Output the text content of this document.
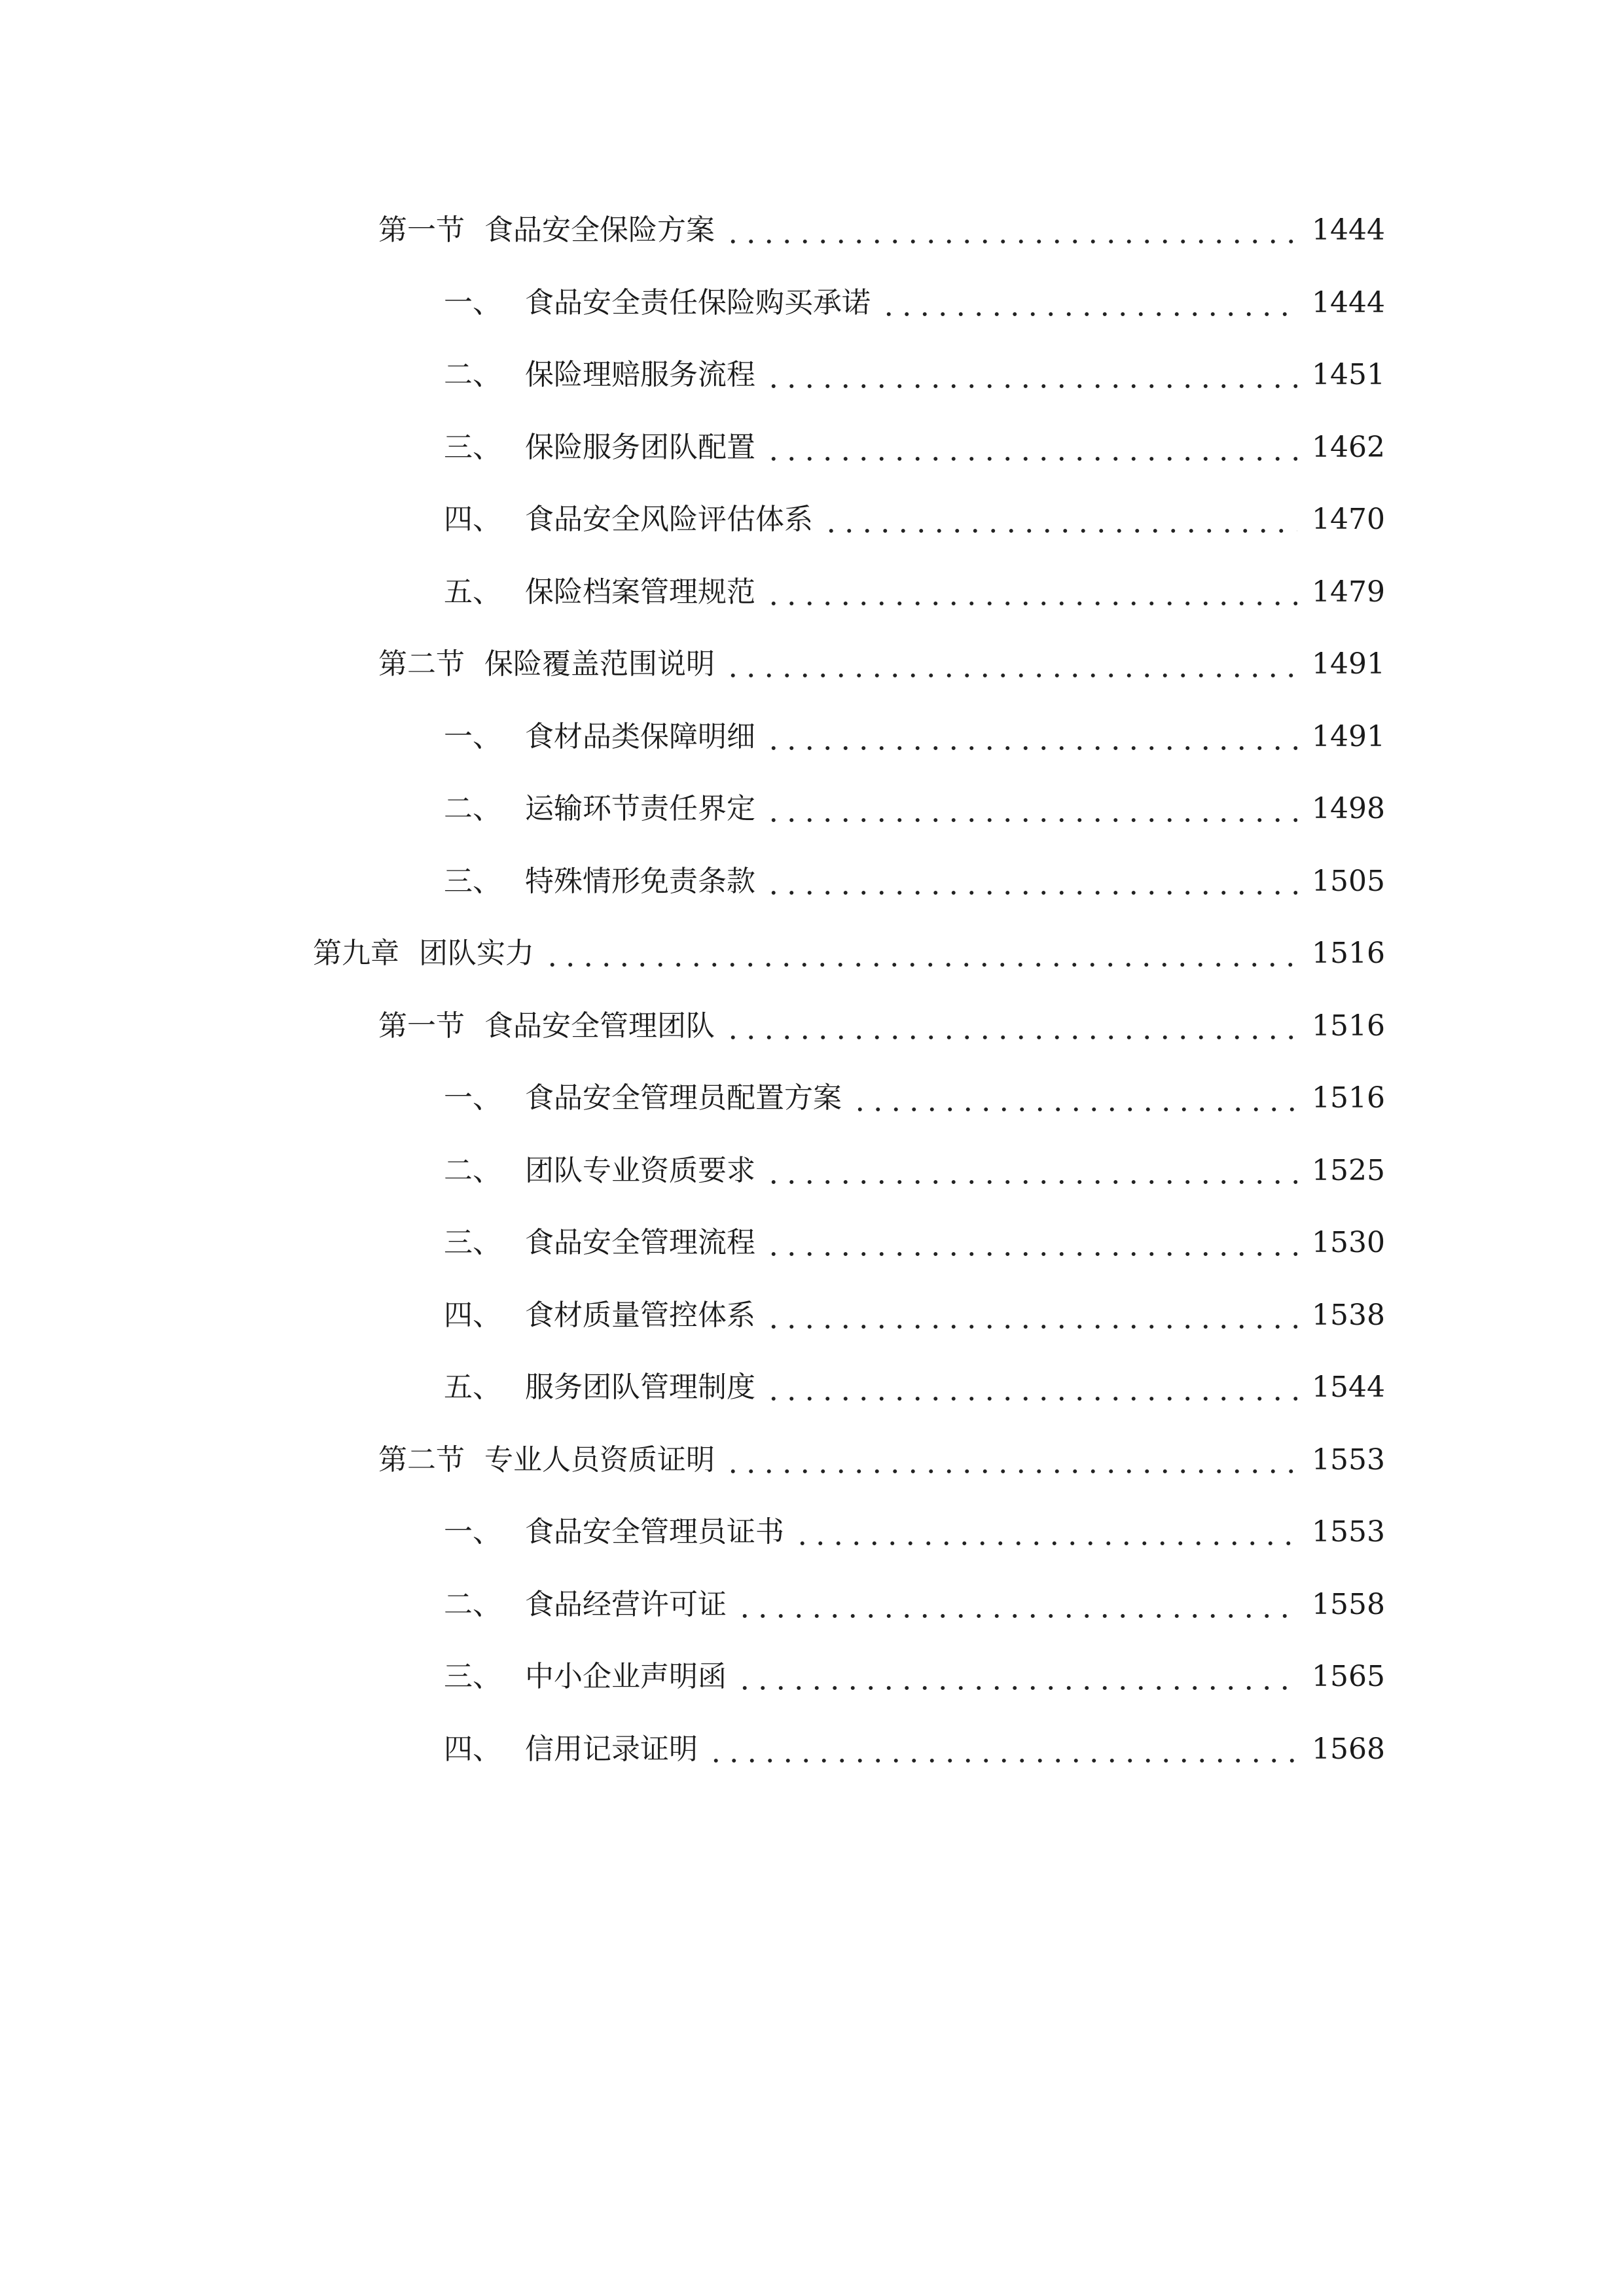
第一节 食品安全保险方案	1444
一、 食品安全责任保险购买承诺	1444
二、 保险理赔服务流程	1451
三、 保险服务团队配置	1462
四、 食品安全风险评估体系	1470
五、 保险档案管理规范	1479
第二节 保险覆盖范围说明	1491
一、 食材品类保障明细	1491
二、 运输环节责任界定	1498
三、 特殊情形免责条款	1505
第九章 团队实力	1516
第一节 食品安全管理团队	1516
一、 食品安全管理员配置方案	1516
二、 团队专业资质要求	1525
三、 食品安全管理流程	1530
四、 食材质量管控体系	1538
五、 服务团队管理制度	1544
第二节 专业人员资质证明	1553
一、 食品安全管理员证书	1553
二、 食品经营许可证	1558
三、 中小企业声明函	1565
四、 信用记录证明	1568
